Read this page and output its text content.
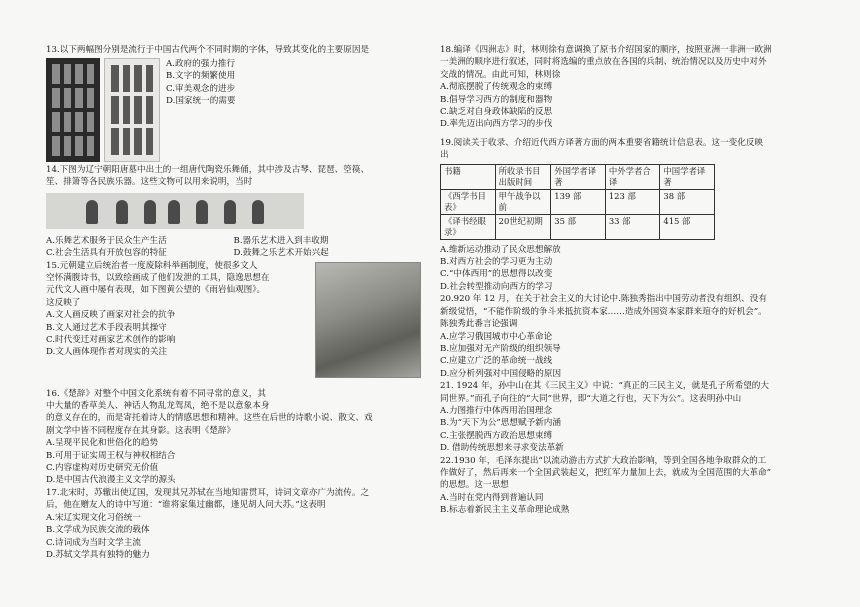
13.以下两幅图分别是流行于中国古代两个不同时期的字体，导致其变化的主要原因是
A.政府的强力推行
B.文字的频繁使用
C.审美观念的进步
D.国家统一的需要
14.下图为辽宁朝阳唐墓中出土的一组唐代陶瓷乐舞俑，其中涉及古琴、琵琶、箜篌、
笙、排箫等各民族乐器。这些文物可以用来说明，当时
A.乐舞艺术服务于民众生产生活	B.器乐艺术进入到丰收期
C.社会生活具有开放包容的特征	D.鼓舞之乐艺术开始兴起
15.元朝建立后统治者一度废除科举画制度，使很多文人
空怀满腹诗书，以致绘画成了他们发泄的工具，隐逸思想在
元代文人画中屡有表现，如下图黄公望的《雨岩仙观图》。
这反映了
A.文人画反映了画家对社会的抗争
B.文人通过艺术手段表明其操守
C.时代变迁对画家艺术创作的影响
D.文人画体现作者对现实的关注
16.《楚辞》对整个中国文化系统有着不同寻常的意义，其
中大量的香草美人、神话人物乱龙驾凤，绝不是以意象本身
的意义存在的，而是寄托着诗人的情感思想和精神。这些在后世的诗歌小说、散文、戏
剧文学中皆不同程度存在其身影。这表明《楚辞》
A.呈现平民化和世俗化的趋势
B.可用于证实周王权与神权相结合
C.内容虚构对历史研究无价值
D.是中国古代浪漫主义文学的源头
17.北宋时，苏辙出使辽国，发现其兄苏轼在当地知雷贯耳，诗词文章亦广为流传。之
后，他在赠友人的诗中写道：“谁将家集过幽都，逢见胡人问大苏。”这表明
A.宋辽实现文化习俗统一
B.文学成为民族交流的载体
C.诗词成为当时文学主流
D.苏轼文学具有独特的魅力
18.编译《四洲志》时，林则徐有意调换了原书介绍国家的顺序，按照亚洲一非洲一欧洲
一美洲的顺序进行叙述，同时将选编的重点放在各国的兵制、统治情况以及历史中对外
交战的情况。由此可知，林则徐
A.彻底摆脱了传统观念的束缚
B.倡导学习西方的制度和器物
C.缺乏对自身政体缺陷的反思
D.率先迈出向西方学习的步伐
19.阅读关于收录、介绍近代西方译著方面的两本重要省籍统计信息表。这一变化反映
出
书籍	所收录书目出版时间	外国学者译著	中外学者合译	中国学者译著
《西学书目表》	甲午战争以前	139 部	123 部	38 部
《译书经眼录》	20世纪初期	35 部	33 部	415 部
A.维新运动推动了民众思想解放
B.对西方社会的学习更为主动
C.“中体西用”的思想得以改变
D.社会转型推动向西方的学习
20.920 年 12 月，在关于社会主义的大讨论中.陈独秀指出中国劳动者没有组织、没有
新级觉悟，“不能作阶级的争斗来抵抗资本家……造成外国资本家群来瑄夺的好机会”。
陈独秀此番言论强调
A.应学习俄国城市中心革命论
B.应加强对无产阶级的组织领导
C.应建立广泛的革命统一战线
D.应分析列强对中国侵略的原因
21. 1924 年，孙中山在其《三民主义》中说：“真正的三民主义，就是孔子所希望的大
同世界。”而孔子向往的“大同”世界，即“大道之行也，天下为公”。这表明孙中山
A.力图推行中体西用治国理念
B.为“天下为公”思想赋予新内涵
C.主张摆脱西方政治思想束缚
D. 借助传统思想来寻求变法革新
22.1930 年，毛泽东提出“以流动游击方式扩大政治影响，等到全国各地争取群众的工
作做好了，然后再来一个全国武装起义，把红军力量加上去，就成为全国范围的大革命”
的思想。这一思想
A.当时在党内得到普遍认同
B.标志着新民主主义革命理论成熟
